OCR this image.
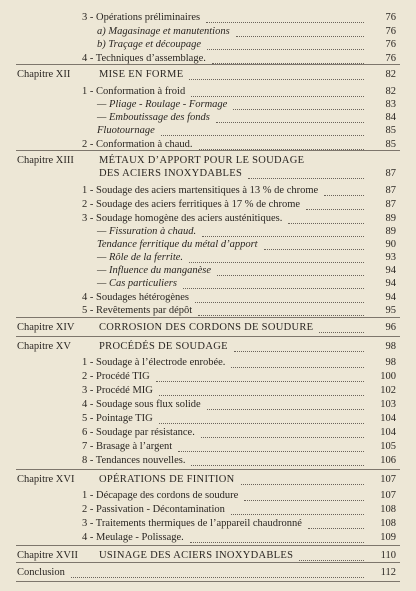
3 - Opérations préliminaires	76
a) Magasinage et manutentions	76
b) Traçage et découpage	76
4 - Techniques d’assemblage.	76
Chapitre XII	MISE EN FORME	82
1 - Conformation à froid	82
— Pliage - Roulage - Formage	83
— Emboutissage des fonds	84
Fluotournage	85
2 - Conformation à chaud.	85
Chapitre XIII MÉTAUX D’APPORT POUR LE SOUDAGE
DES ACIERS INOXYDABLES	87
1 - Soudage des aciers martensitiques à 13 % de chrome	87
2 - Soudage des aciers ferritiques à 17 % de chrome	87
3 - Soudage homogène des aciers austénitiques.	89
— Fissuration à chaud.	89
Tendance ferritique du métal d’apport	90
— Rôle de la ferrite.	93
— Influence du manganèse	94
— Cas particuliers	94
4 - Soudages hétérogènes	94
5 - Revêtements par dépôt	95
Chapitre XIV CORROSION DES CORDONS DE SOUDURE	96
Chapitre XV	PROCÉDÉS DE SOUDAGE	98
1 - Soudage à l’électrode enrobée.	98
2 - Procédé TIG	100
3 - Procédé MIG	102
4 - Soudage sous flux solide	103
5 - Pointage TIG	104
6 - Soudage par résistance.	104
7 - Brasage à l’argent	105
8 - Tendances nouvelles.	106
Chapitre XVI OPÉRATIONS DE FINITION	107
1 - Décapage des cordons de soudure	107
2 - Passivation - Décontamination	108
3 - Traitements thermiques de l’appareil chaudronné	108
4 - Meulage - Polissage.	109
Chapitre XVII USINAGE DES ACIERS INOXYDABLES	110
Conclusion	112
